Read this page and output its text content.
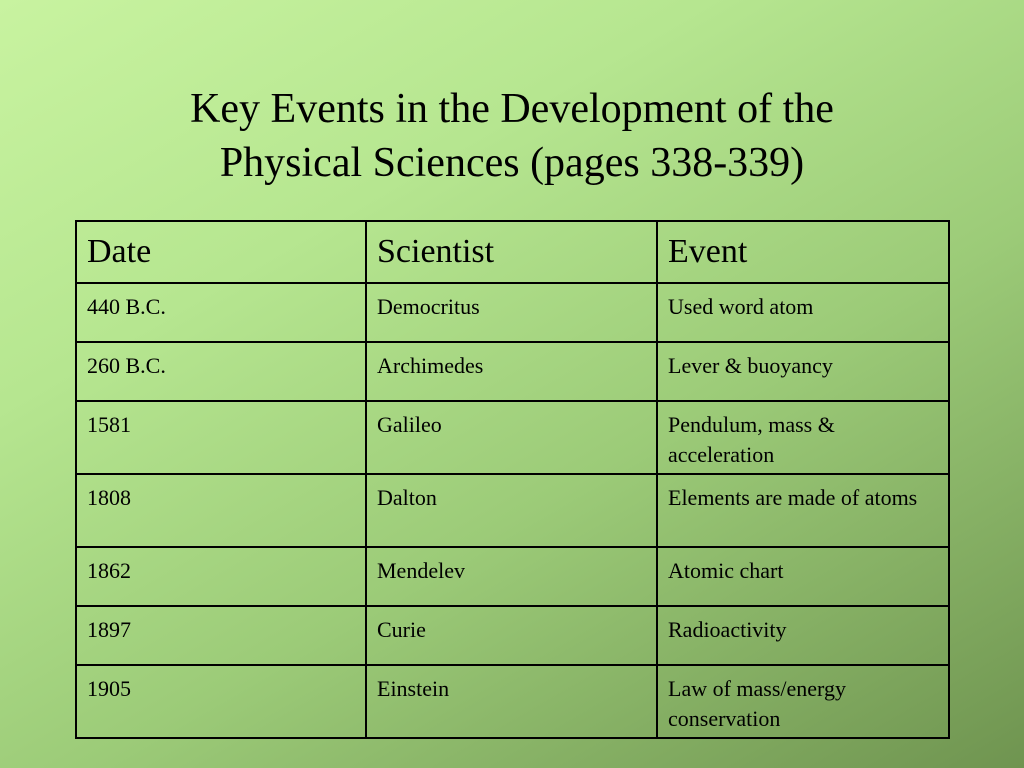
Key Events in the Development of the
Physical Sciences (pages 338-339)
Date	Scientist	Event
440 B.C.	Democritus	Used word atom
260 B.C.	Archimedes	Lever & buoyancy
1581	Galileo	Pendulum, mass & acceleration
1808	Dalton	Elements are made of atoms
1862	Mendelev	Atomic chart
1897	Curie	Radioactivity
1905	Einstein	Law of mass/energy conservation
